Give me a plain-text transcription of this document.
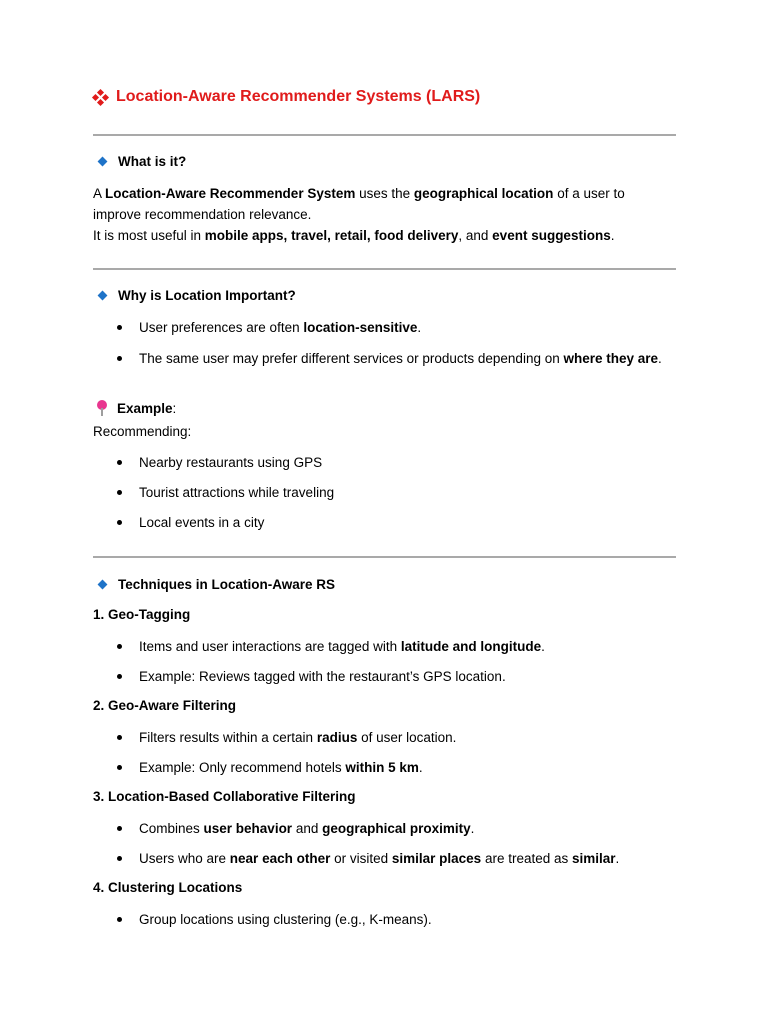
Location-Aware Recommender Systems (LARS)
What is it?
A Location-Aware Recommender System uses the geographical location of a user to
improve recommendation relevance.
It is most useful in mobile apps, travel, retail, food delivery, and event suggestions.
Why is Location Important?
User preferences are often location-sensitive.
The same user may prefer different services or products depending on where they are.
Example:
Recommending:
Nearby restaurants using GPS
Tourist attractions while traveling
Local events in a city
Techniques in Location-Aware RS
1. Geo-Tagging
Items and user interactions are tagged with latitude and longitude.
Example: Reviews tagged with the restaurant’s GPS location.
2. Geo-Aware Filtering
Filters results within a certain radius of user location.
Example: Only recommend hotels within 5 km.
3. Location-Based Collaborative Filtering
Combines user behavior and geographical proximity.
Users who are near each other or visited similar places are treated as similar.
4. Clustering Locations
Group locations using clustering (e.g., K-means).
